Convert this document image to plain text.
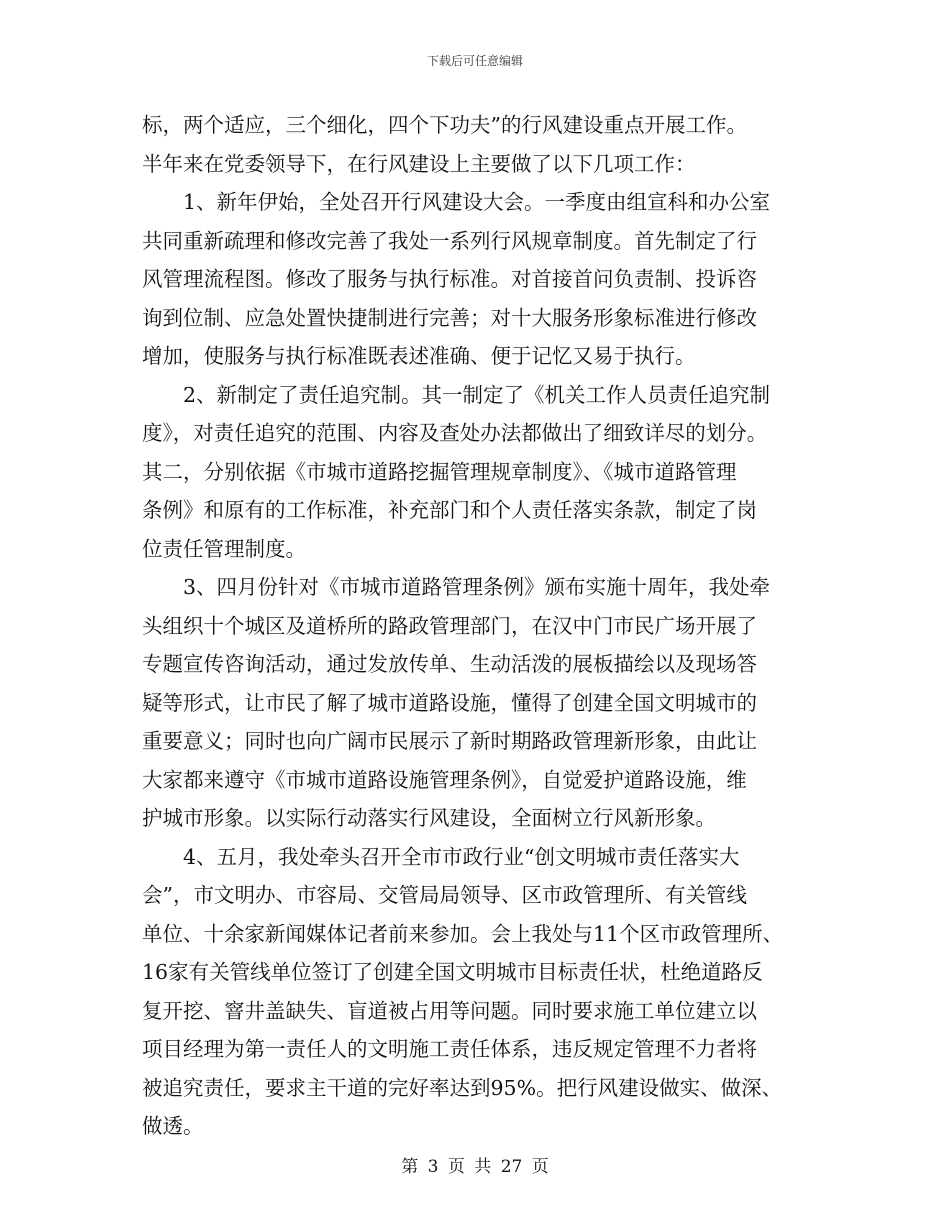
下载后可任意编辑
标，两个适应，三个细化，四个下功夫”的行风建设重点开展工作。
半年来在党委领导下，在行风建设上主要做了以下几项工作：
1、新年伊始，全处召开行风建设大会。一季度由组宣科和办公室
共同重新疏理和修改完善了我处一系列行风规章制度。首先制定了行
风管理流程图。修改了服务与执行标准。对首接首问负责制、投诉咨
询到位制、应急处置快捷制进行完善；对十大服务形象标准进行修改
增加，使服务与执行标准既表述准确、便于记忆又易于执行。
2、新制定了责任追究制。其一制定了《机关工作人员责任追究制
度》，对责任追究的范围、内容及查处办法都做出了细致详尽的划分。
其二，分别依据《市城市道路挖掘管理规章制度》、《城市道路管理
条例》和原有的工作标准，补充部门和个人责任落实条款，制定了岗
位责任管理制度。
3、四月份针对《市城市道路管理条例》颁布实施十周年，我处牵
头组织十个城区及道桥所的路政管理部门，在汉中门市民广场开展了
专题宣传咨询活动，通过发放传单、生动活泼的展板描绘以及现场答
疑等形式，让市民了解了城市道路设施，懂得了创建全国文明城市的
重要意义；同时也向广阔市民展示了新时期路政管理新形象，由此让
大家都来遵守《市城市道路设施管理条例》，自觉爱护道路设施，维
护城市形象。以实际行动落实行风建设，全面树立行风新形象。
4、五月，我处牵头召开全市市政行业“创文明城市责任落实大
会”，市文明办、市容局、交管局局领导、区市政管理所、有关管线
单位、十余家新闻媒体记者前来参加。会上我处与11个区市政管理所、
16家有关管线单位签订了创建全国文明城市目标责任状，杜绝道路反
复开挖、窨井盖缺失、盲道被占用等问题。同时要求施工单位建立以
项目经理为第一责任人的文明施工责任体系，违反规定管理不力者将
被追究责任，要求主干道的完好率达到95%。把行风建设做实、做深、
做透。
第 3 页 共 27 页
